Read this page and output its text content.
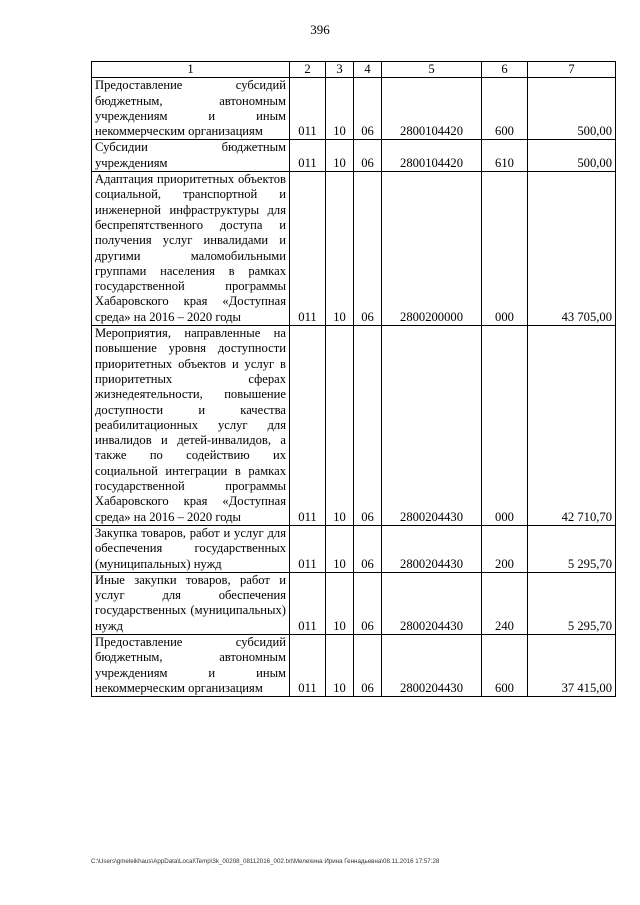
396
1	2	3	4	5	6	7
Предоставление субсидий бюджетным, автономным учреждениям и иным некоммерческим организациям	011	10	06	2800104420	600	500,00
Субсидии бюджетным учреждениям	011	10	06	2800104420	610	500,00
Адаптация приоритетных объектов социальной, транспортной и инженерной инфраструктуры для беспрепятственного доступа и получения услуг инвалидами и другими маломобильными группами населения в рамках государственной программы Хабаровского края «Доступная среда» на 2016 – 2020 годы	011	10	06	2800200000	000	43 705,00
Мероприятия, направленные на повышение уровня доступности приоритетных объектов и услуг в приоритетных сферах жизнедеятельности, повышение доступности и качества реабилитационных услуг для инвалидов и детей-инвалидов, а также по содействию их социальной интеграции в рамках государственной программы Хабаровского края «Доступная среда» на 2016 – 2020 годы	011	10	06	2800204430	000	42 710,70
Закупка товаров, работ и услуг для обеспечения государственных (муниципальных) нужд	011	10	06	2800204430	200	5 295,70
Иные закупки товаров, работ и услуг для обеспечения государственных (муниципальных) нужд	011	10	06	2800204430	240	5 295,70
Предоставление субсидий бюджетным, автономным учреждениям и иным некоммерческим организациям	011	10	06	2800204430	600	37 415,00
C:\Users\gmeleikhaus\AppData\Local\Temp\3k_00208_08112016_002.txt\Мелехина Ирина Геннадьевна\08.11.2016 17:57:28
